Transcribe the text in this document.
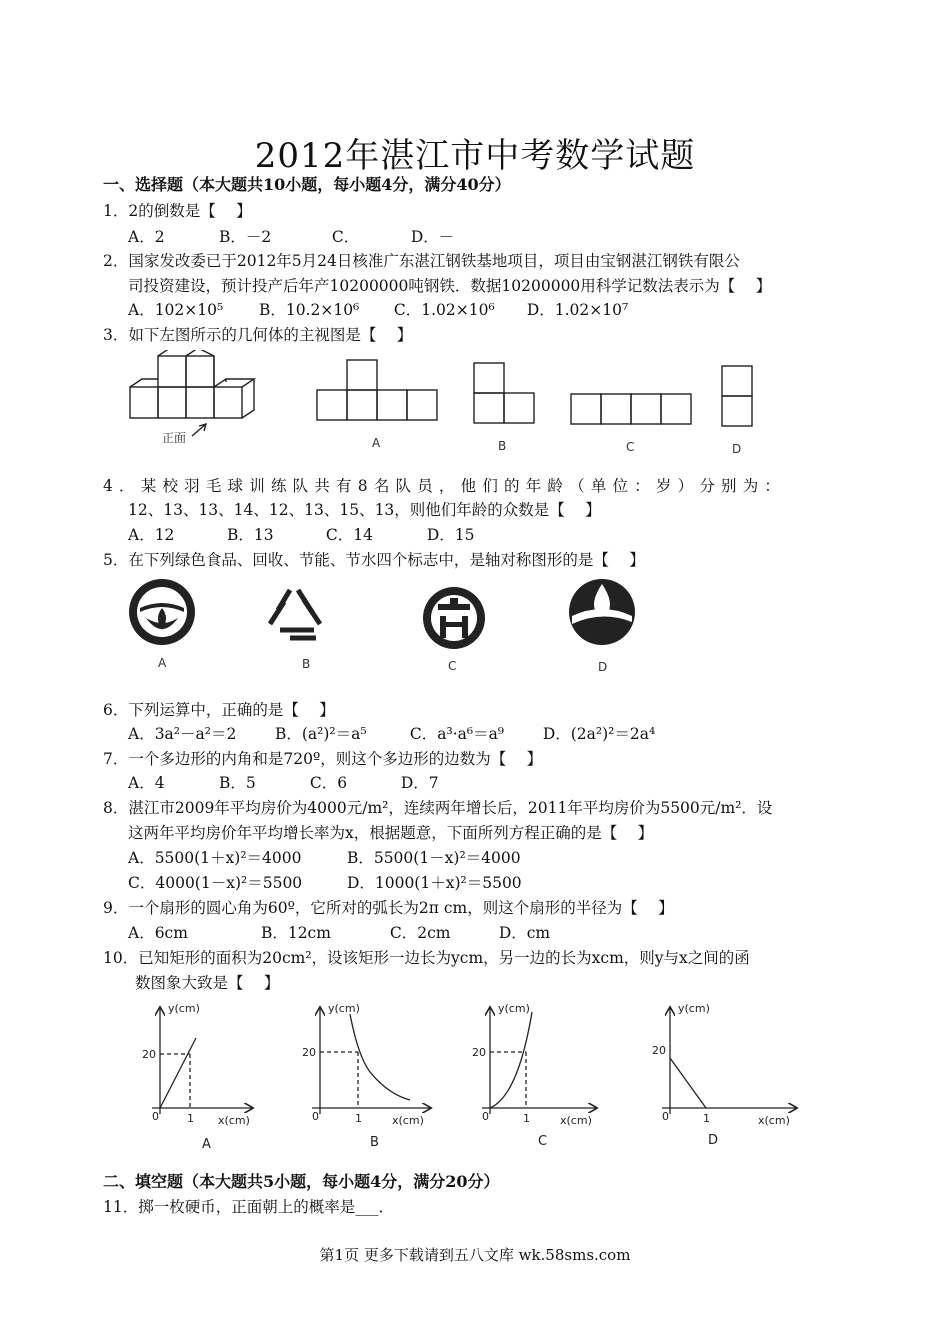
2012年湛江市中考数学试题
一、选择题（本大题共10小题，每小题4分，满分40分）
1．2的倒数是【　 】
A．2	B．－2	C．	D．－
2．国家发改委已于2012年5月24日核准广东湛江钢铁基地项目，项目由宝钢湛江钢铁有限公
司投资建设，预计投产后年产10200000吨钢铁．数据10200000用科学记数法表示为【　 】
A．102×10⁵ B．10.2×10⁶ C．1.02×10⁶ D．1.02×10⁷
3．如下左图所示的几何体的主视图是【　 】
正面	A	B	C	D
4．某校羽毛球训练队共有8名队员，他们的年龄（单位：岁）分别为：
12、13、13、14、12、13、15、13，则他们年龄的众数是【　 】
A．12	B．13	C．14	D．15
5．在下列绿色食品、回收、节能、节水四个标志中，是轴对称图形的是【　 】
A	B	C	D
6．下列运算中，正确的是【　 】
A．3a²－a²＝2 B．(a²)²＝a⁵	C．a³·a⁶＝a⁹	D．(2a²)²＝2a⁴
7．一个多边形的内角和是720º，则这个多边形的边数为【　 】
A．4	B．5	C．6	D．7
8．湛江市2009年平均房价为4000元/m²，连续两年增长后，2011年平均房价为5500元/m²．设
这两年平均房价年平均增长率为x，根据题意，下面所列方程正确的是【　 】
A．5500(1＋x)²＝4000	B．5500(1－x)²＝4000
C．4000(1－x)²＝5500	D．1000(1＋x)²＝5500
9．一个扇形的圆心角为60º，它所对的弧长为2π cm，则这个扇形的半径为【　 】
A．6cm	B．12cm	C．2cm	D．cm
10．已知矩形的面积为20cm²，设该矩形一边长为ycm，另一边的长为xcm，则y与x之间的函
数图象大致是【　 】
y(cm)
20
0	1 x(cm)
A
y(cm)
20
0	1	x(cm)
B
y(cm)
20
0	1	x(cm)
C
y(cm)
20
0	1	x(cm)
D
二、填空题（本大题共5小题，每小题4分，满分20分）
11．掷一枚硬币，正面朝上的概率是___．
第1页 更多下载请到五八文库 wk.58sms.com
